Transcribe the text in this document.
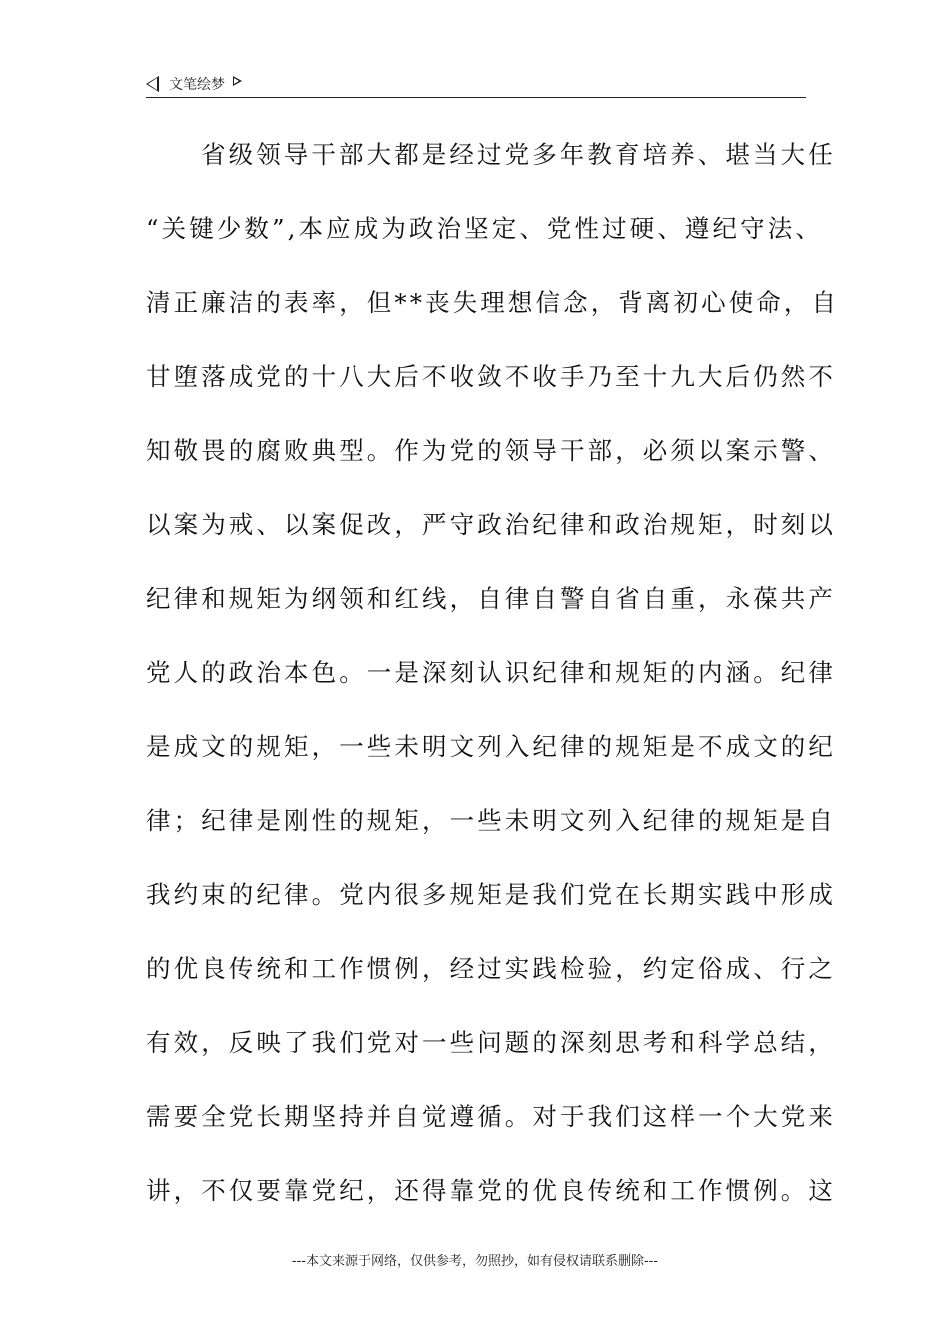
文笔绘梦
省级领导干部大都是经过党多年教育培养、堪当大任
“关键少数”,本应成为政治坚定、党性过硬、遵纪守法、
清正廉洁的表率，但**丧失理想信念，背离初心使命，自
甘堕落成党的十八大后不收敛不收手乃至十九大后仍然不
知敬畏的腐败典型。作为党的领导干部，必须以案示警、
以案为戒、以案促改，严守政治纪律和政治规矩，时刻以
纪律和规矩为纲领和红线，自律自警自省自重，永葆共产
党人的政治本色。一是深刻认识纪律和规矩的内涵。纪律
是成文的规矩，一些未明文列入纪律的规矩是不成文的纪
律；纪律是刚性的规矩，一些未明文列入纪律的规矩是自
我约束的纪律。党内很多规矩是我们党在长期实践中形成
的优良传统和工作惯例，经过实践检验，约定俗成、行之
有效，反映了我们党对一些问题的深刻思考和科学总结，
需要全党长期坚持并自觉遵循。对于我们这样一个大党来
讲，不仅要靠党纪，还得靠党的优良传统和工作惯例。这
---本文来源于网络，仅供参考，勿照抄，如有侵权请联系删除---
